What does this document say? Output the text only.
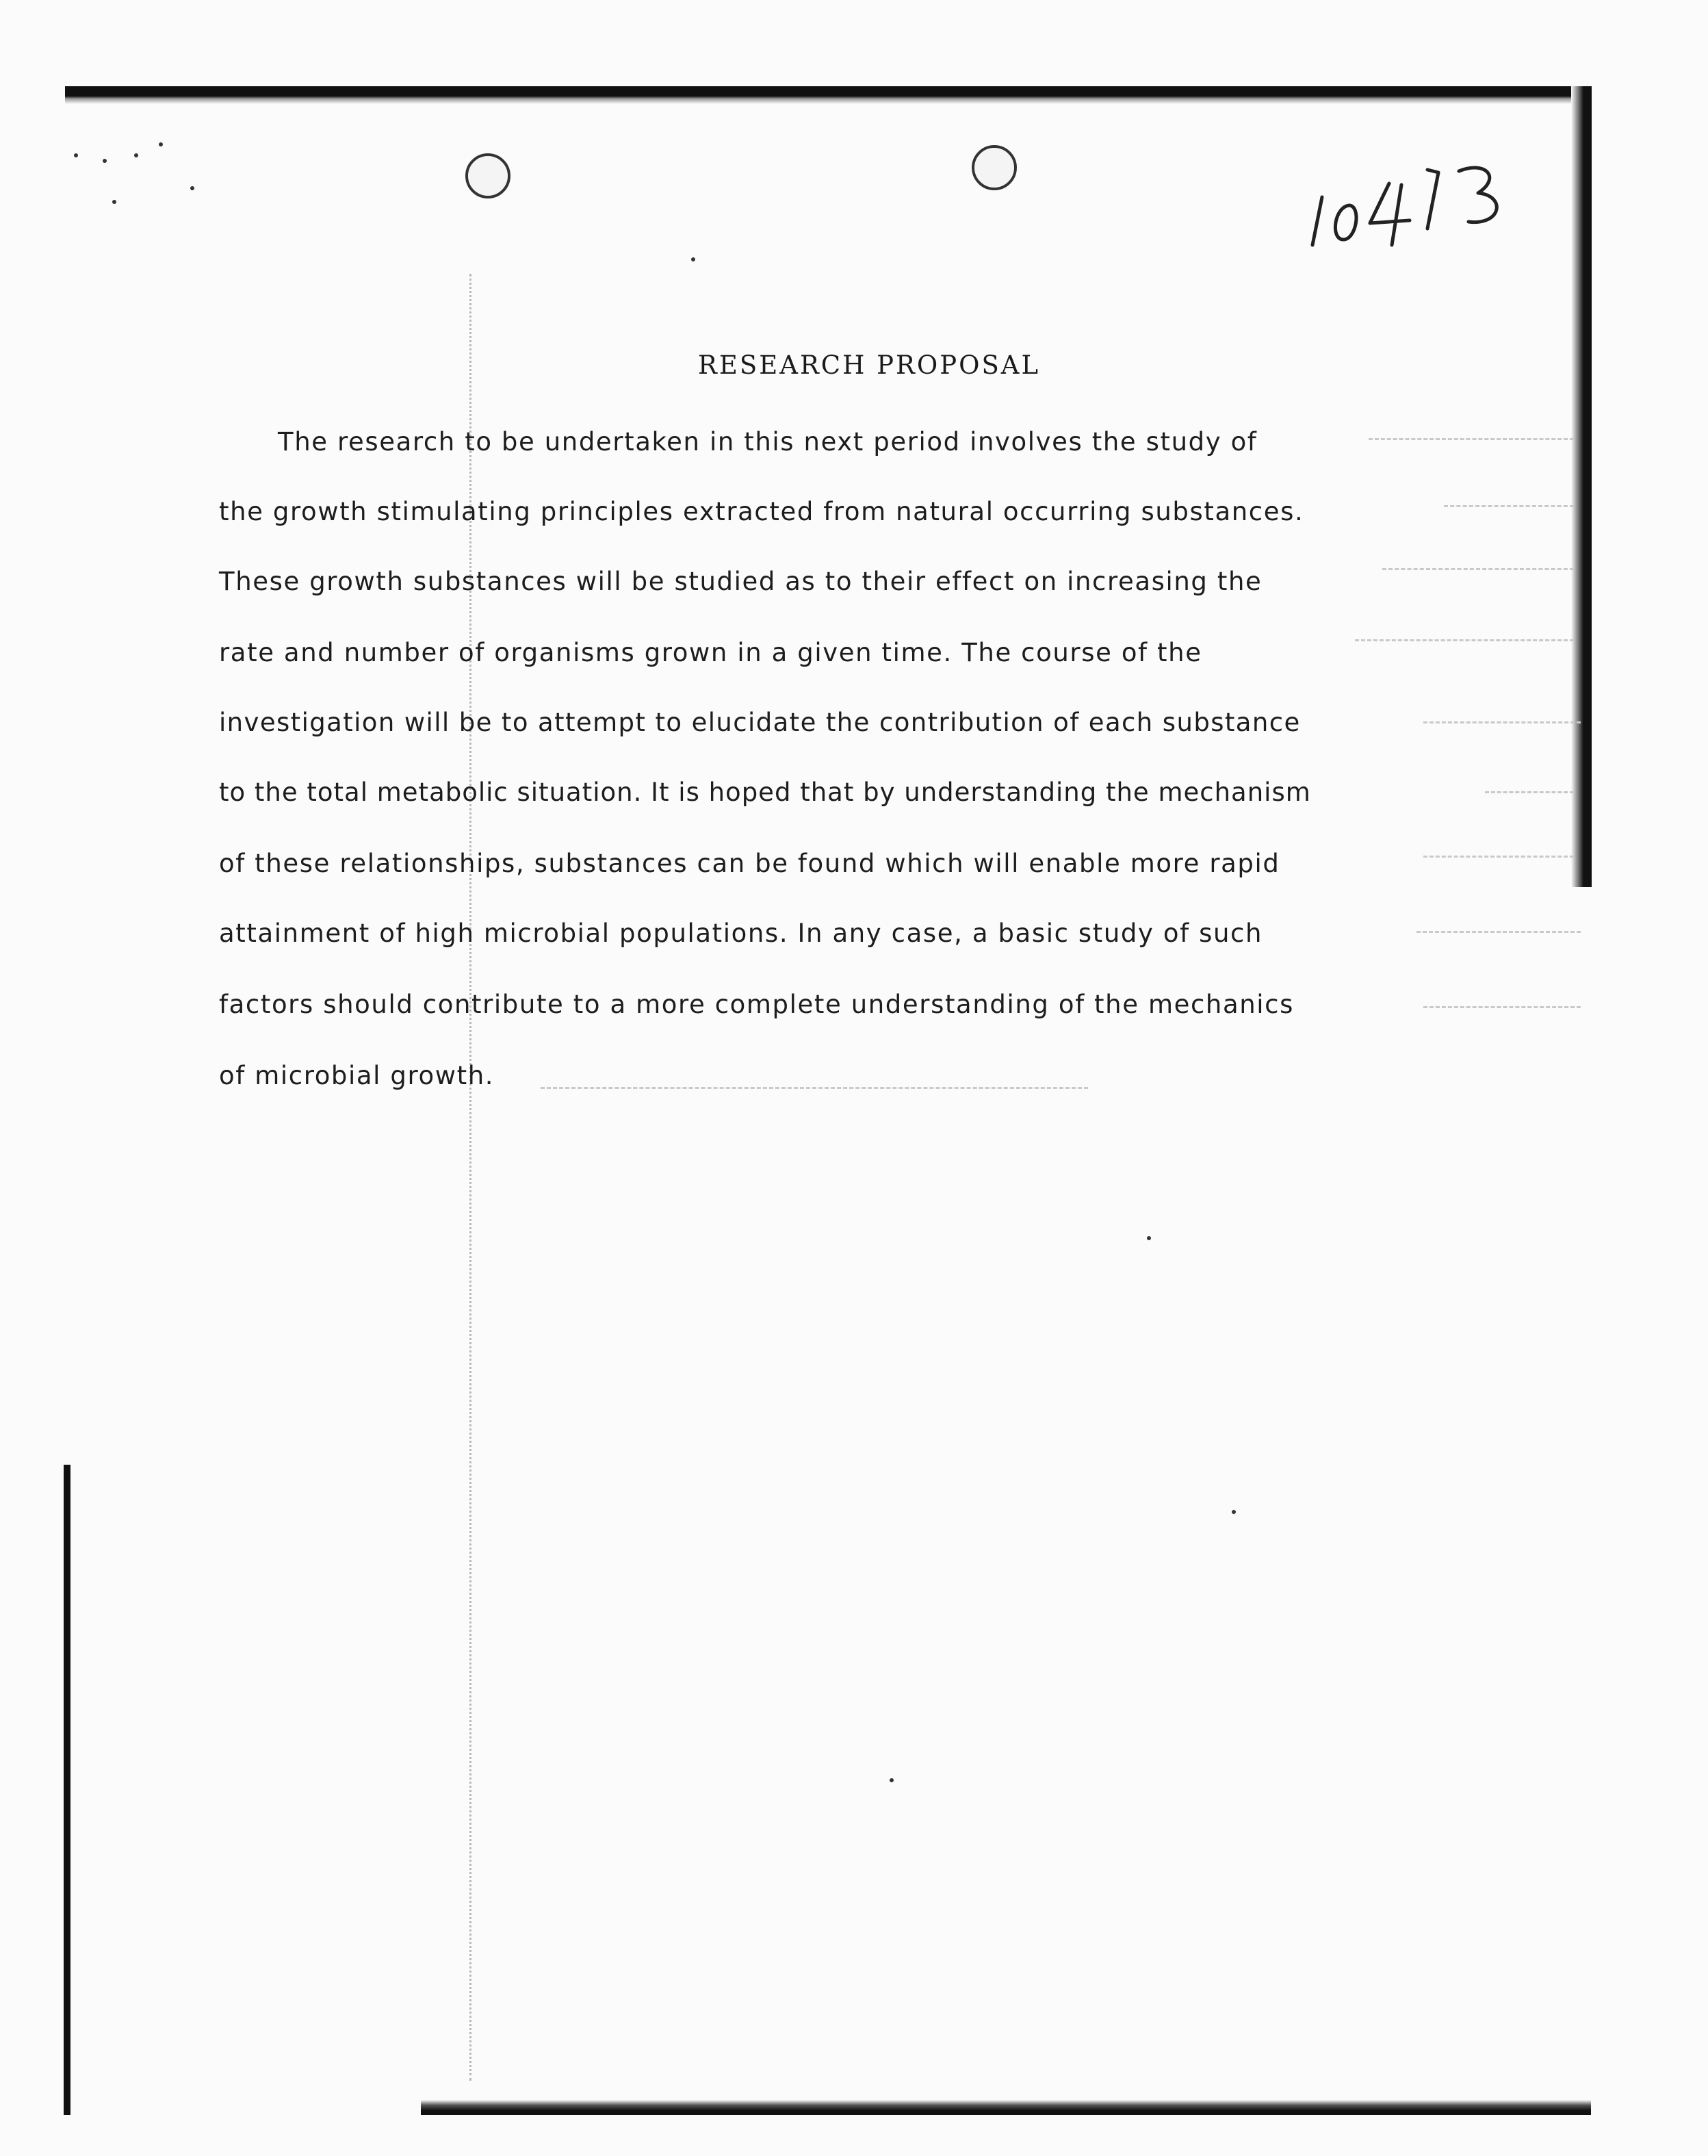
RESEARCH PROPOSAL
The research to be undertaken in this next period involves the study of
the growth stimulating principles extracted from natural occurring substances.
These growth substances will be studied as to their effect on increasing the
rate and number of organisms grown in a given time. The course of the
investigation will be to attempt to elucidate the contribution of each substance
to the total metabolic situation. It is hoped that by understanding the mechanism
of these relationships, substances can be found which will enable more rapid
attainment of high microbial populations. In any case, a basic study of such
factors should contribute to a more complete understanding of the mechanics
of microbial growth.
